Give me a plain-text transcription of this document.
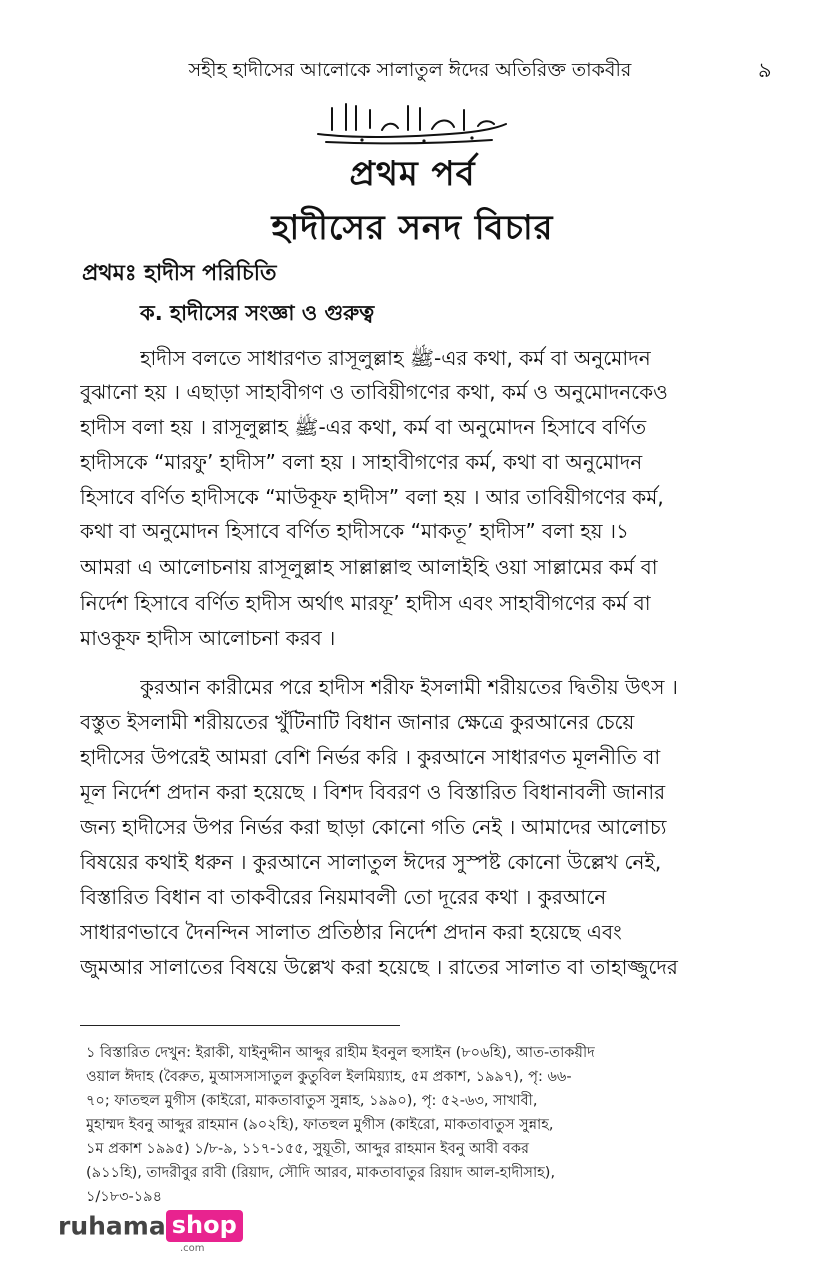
সহীহ হাদীসের আলোকে সালাতুল ঈদের অতিরিক্ত তাকবীর	৯
প্রথম পর্ব
হাদীসের সনদ বিচার
প্রথমঃ হাদীস পরিচিতি
ক. হাদীসের সংজ্ঞা ও গুরুত্ব
হাদীস বলতে সাধারণত রাসূলুল্লাহ ﷺ-এর কথা, কর্ম বা অনুমোদন
বুঝানো হয় । এছাড়া সাহাবীগণ ও তাবিয়ীগণের কথা, কর্ম ও অনুমোদনকেও
হাদীস বলা হয় । রাসূলুল্লাহ ﷺ-এর কথা, কর্ম বা অনুমোদন হিসাবে বর্ণিত
হাদীসকে “মারফু’ হাদীস” বলা হয় । সাহাবীগণের কর্ম, কথা বা অনুমোদন
হিসাবে বর্ণিত হাদীসকে “মাউকূফ হাদীস” বলা হয় । আর তাবিয়ীগণের কর্ম,
কথা বা অনুমোদন হিসাবে বর্ণিত হাদীসকে “মাকতূ’ হাদীস” বলা হয় ।১
আমরা এ আলোচনায় রাসূলুল্লাহ সাল্লাল্লাহু আলাইহি ওয়া সাল্লামের কর্ম বা
নির্দেশ হিসাবে বর্ণিত হাদীস অর্থাৎ মারফূ’ হাদীস এবং সাহাবীগণের কর্ম বা
মাওকূফ হাদীস আলোচনা করব ।
কুরআন কারীমের পরে হাদীস শরীফ ইসলামী শরীয়তের দ্বিতীয় উৎস ।
বস্তুত ইসলামী শরীয়তের খুঁটিনাটি বিধান জানার ক্ষেত্রে কুরআনের চেয়ে
হাদীসের উপরেই আমরা বেশি নির্ভর করি । কুরআনে সাধারণত মূলনীতি বা
মূল নির্দেশ প্রদান করা হয়েছে । বিশদ বিবরণ ও বিস্তারিত বিধানাবলী জানার
জন্য হাদীসের উপর নির্ভর করা ছাড়া কোনো গতি নেই । আমাদের আলোচ্য
বিষয়ের কথাই ধরুন । কুরআনে সালাতুল ঈদের সুস্পষ্ট কোনো উল্লেখ নেই,
বিস্তারিত বিধান বা তাকবীরের নিয়মাবলী তো দূরের কথা । কুরআনে
সাধারণভাবে দৈনন্দিন সালাত প্রতিষ্ঠার নির্দেশ প্রদান করা হয়েছে এবং
জুমআর সালাতের বিষয়ে উল্লেখ করা হয়েছে । রাতের সালাত বা তাহাজ্জুদের
১ বিস্তারিত দেখুন: ইরাকী, যাইনুদ্দীন আব্দুর রাহীম ইবনুল হুসাইন (৮০৬হি), আত-তাকয়ীদ
ওয়াল ঈদাহ (বৈরুত, মুআসসাসাতুল কুতুবিল ইলমিয়্যাহ, ৫ম প্রকাশ, ১৯৯৭), পৃ: ৬৬-
৭০; ফাতহুল মুগীস (কাইরো, মাকতাবাতুস সুন্নাহ, ১৯৯০), পৃ: ৫২-৬৩, সাখাবী,
মুহাম্মদ ইবনু আব্দুর রাহমান (৯০২হি), ফাতহুল মুগীস (কাইরো, মাকতাবাতুস সুন্নাহ,
১ম প্রকাশ ১৯৯৫) ১/৮-৯, ১১৭-১৫৫, সুয়ূতী, আব্দুর রাহমান ইবনু আবী বকর
(৯১১হি), তাদরীবুর রাবী (রিয়াদ, সৌদি আরব, মাকতাবাতুর রিয়াদ আল-হাদীসাহ),
১/১৮৩-১৯৪
ruhama shop
.com
